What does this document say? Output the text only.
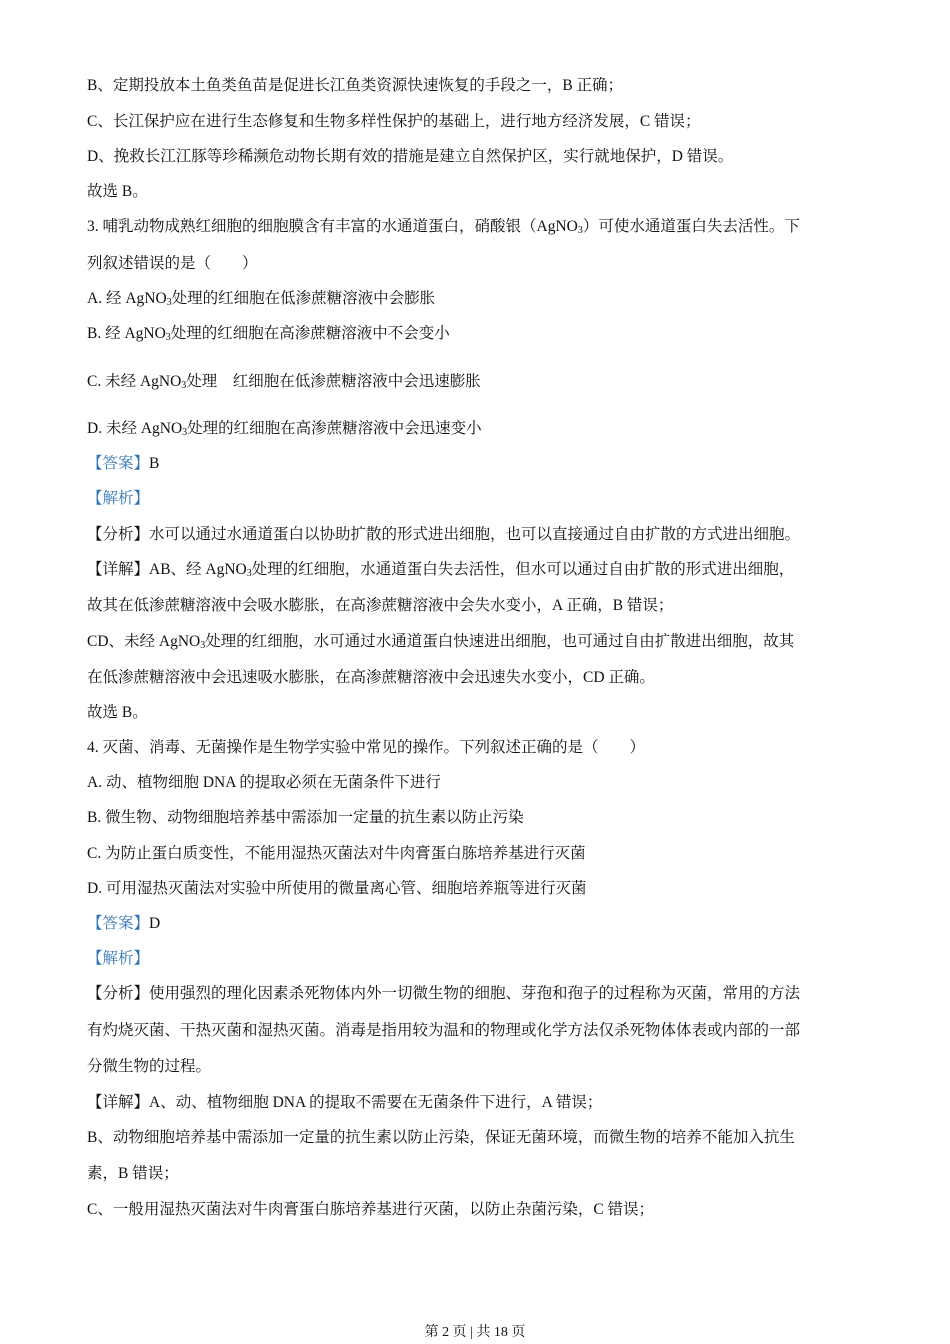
B、定期投放本土鱼类鱼苗是促进长江鱼类资源快速恢复的手段之一，B 正确；
C、长江保护应在进行生态修复和生物多样性保护的基础上，进行地方经济发展，C 错误；
D、挽救长江江豚等珍稀濒危动物长期有效的措施是建立自然保护区，实行就地保护，D 错误。
故选 B。
3. 哺乳动物成熟红细胞的细胞膜含有丰富的水通道蛋白，硝酸银（AgNO$_3$）可使水通道蛋白失去活性。下
列叙述错误的是（　　）
A. 经 AgNO$_3$处理的红细胞在低渗蔗糖溶液中会膨胀
B. 经 AgNO$_3$处理的红细胞在高渗蔗糖溶液中不会变小
C. 未经 AgNO$_3$处理　红细胞在低渗蔗糖溶液中会迅速膨胀
D. 未经 AgNO$_3$处理的红细胞在高渗蔗糖溶液中会迅速变小
【答案】B
【解析】
【分析】水可以通过水通道蛋白以协助扩散的形式进出细胞，也可以直接通过自由扩散的方式进出细胞。
【详解】AB、经 AgNO$_3$处理的红细胞，水通道蛋白失去活性，但水可以通过自由扩散的形式进出细胞，
故其在低渗蔗糖溶液中会吸水膨胀，在高渗蔗糖溶液中会失水变小，A 正确，B 错误；
CD、未经 AgNO$_3$处理的红细胞，水可通过水通道蛋白快速进出细胞，也可通过自由扩散进出细胞，故其
在低渗蔗糖溶液中会迅速吸水膨胀，在高渗蔗糖溶液中会迅速失水变小，CD 正确。
故选 B。
4. 灭菌、消毒、无菌操作是生物学实验中常见的操作。下列叙述正确的是（　　）
A. 动、植物细胞 DNA 的提取必须在无菌条件下进行
B. 微生物、动物细胞培养基中需添加一定量的抗生素以防止污染
C. 为防止蛋白质变性，不能用湿热灭菌法对牛肉膏蛋白胨培养基进行灭菌
D. 可用湿热灭菌法对实验中所使用的微量离心管、细胞培养瓶等进行灭菌
【答案】D
【解析】
【分析】使用强烈的理化因素杀死物体内外一切微生物的细胞、芽孢和孢子的过程称为灭菌，常用的方法
有灼烧灭菌、干热灭菌和湿热灭菌。消毒是指用较为温和的物理或化学方法仅杀死物体体表或内部的一部
分微生物的过程。
【详解】A、动、植物细胞 DNA 的提取不需要在无菌条件下进行，A 错误；
B、动物细胞培养基中需添加一定量的抗生素以防止污染，保证无菌环境，而微生物的培养不能加入抗生
素，B 错误；
C、一般用湿热灭菌法对牛肉膏蛋白胨培养基进行灭菌，以防止杂菌污染，C 错误；
第 2 页 | 共 18 页
